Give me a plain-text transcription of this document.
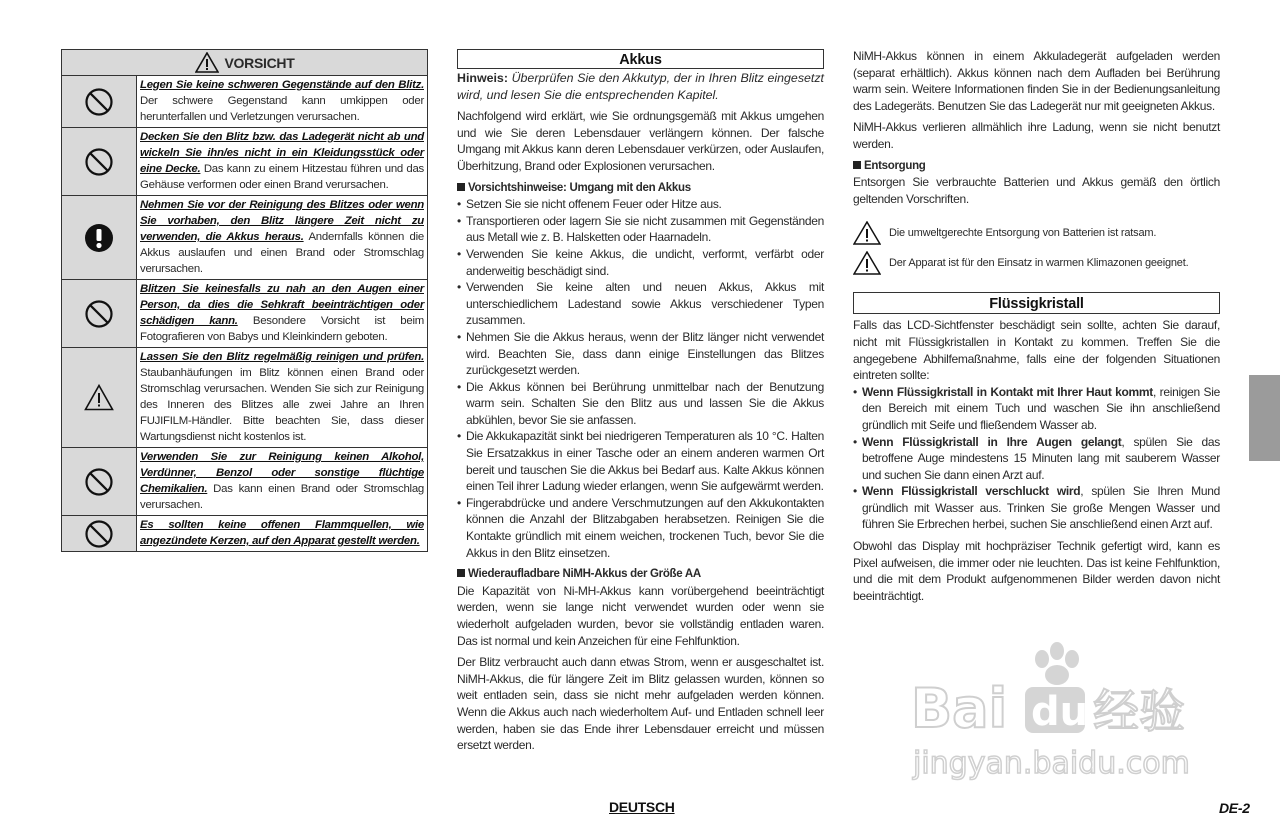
VORSICHT
Legen Sie keine schweren Gegenstände auf den Blitz. Der schwere Gegenstand kann umkippen oder herunterfallen und Verletzungen verursachen.
Decken Sie den Blitz bzw. das Ladegerät nicht ab und wickeln Sie ihn/es nicht in ein Kleidungsstück oder eine Decke. Das kann zu einem Hitzestau führen und das Gehäuse verformen oder einen Brand verursachen.
Nehmen Sie vor der Reinigung des Blitzes oder wenn Sie vorhaben, den Blitz längere Zeit nicht zu verwenden, die Akkus heraus. Andernfalls können die Akkus auslaufen und einen Brand oder Stromschlag verursachen.
Blitzen Sie keinesfalls zu nah an den Augen einer Person, da dies die Sehkraft beeinträchtigen oder schädigen kann. Besondere Vorsicht ist beim Fotografieren von Babys und Kleinkindern geboten.
Lassen Sie den Blitz regelmäßig reinigen und prüfen. Staubanhäufungen im Blitz können einen Brand oder Stromschlag verursachen. Wenden Sie sich zur Reinigung des Inneren des Blitzes alle zwei Jahre an Ihren FUJIFILM-Händler. Bitte beachten Sie, dass dieser Wartungsdienst nicht kostenlos ist.
Verwenden Sie zur Reinigung keinen Alkohol, Verdünner, Benzol oder sonstige flüchtige Chemikalien. Das kann einen Brand oder Stromschlag verursachen.
Es sollten keine offenen Flammquellen, wie angezündete Kerzen, auf den Apparat gestellt werden.
Akkus

Hinweis: Überprüfen Sie den Akkutyp, der in Ihren Blitz eingesetzt wird, und lesen Sie die entsprechenden Kapitel.

Nachfolgend wird erklärt, wie Sie ordnungsgemäß mit Akkus umgehen und wie Sie deren Lebensdauer verlängern können. Der falsche Umgang mit Akkus kann deren Lebensdauer verkürzen, oder Auslaufen, Überhitzung, Brand oder Explosionen verursachen.

Vorsichtshinweise: Umgang mit den Akkus

• Setzen Sie sie nicht offenem Feuer oder Hitze aus.
• Transportieren oder lagern Sie sie nicht zusammen mit Gegenständen aus Metall wie z. B. Halsketten oder Haarnadeln.
• Verwenden Sie keine Akkus, die undicht, verformt, verfärbt oder anderweitig beschädigt sind.
• Verwenden Sie keine alten und neuen Akkus, Akkus mit unterschiedlichem Ladestand sowie Akkus verschiedener Typen zusammen.
• Nehmen Sie die Akkus heraus, wenn der Blitz länger nicht verwendet wird. Beachten Sie, dass dann einige Einstellungen das Blitzes zurückgesetzt werden.
• Die Akkus können bei Berührung unmittelbar nach der Benutzung warm sein. Schalten Sie den Blitz aus und lassen Sie die Akkus abkühlen, bevor Sie sie anfassen.
• Die Akkukapazität sinkt bei niedrigeren Temperaturen als 10 °C. Halten Sie Ersatzakkus in einer Tasche oder an einem anderen warmen Ort bereit und tauschen Sie die Akkus bei Bedarf aus. Kalte Akkus können einen Teil ihrer Ladung wieder erlangen, wenn Sie aufgewärmt werden.
• Fingerabdrücke und andere Verschmutzungen auf den Akkukontakten können die Anzahl der Blitzabgaben herabsetzen. Reinigen Sie die Kontakte gründlich mit einem weichen, trockenen Tuch, bevor Sie die Akkus in den Blitz einsetzen.

Wiederaufladbare NiMH-Akkus der Größe AA

Die Kapazität von Ni-MH-Akkus kann vorübergehend beeinträchtigt werden, wenn sie lange nicht verwendet wurden oder wenn sie wiederholt aufgeladen wurden, bevor sie vollständig entladen waren. Das ist normal und kein Anzeichen für eine Fehlfunktion.

Der Blitz verbraucht auch dann etwas Strom, wenn er ausgeschaltet ist. NiMH-Akkus, die für längere Zeit im Blitz gelassen wurden, können so weit entladen sein, dass sie nicht mehr aufgeladen werden können. Wenn die Akkus auch nach wiederholtem Auf- und Entladen schnell leer werden, haben sie das Ende ihrer Lebensdauer erreicht und müssen ersetzt werden.

NiMH-Akkus können in einem Akkuladegerät aufgeladen werden (separat erhältlich). Akkus können nach dem Aufladen bei Berührung warm sein. Weitere Informationen finden Sie in der Bedienungsanleitung des Ladegeräts. Benutzen Sie das Ladegerät nur mit geeigneten Akkus.

NiMH-Akkus verlieren allmählich ihre Ladung, wenn sie nicht benutzt werden.

Entsorgung

Entsorgen Sie verbrauchte Batterien und Akkus gemäß den örtlich geltenden Vorschriften.

Die umweltgerechte Entsorgung von Batterien ist ratsam.
Der Apparat ist für den Einsatz in warmen Klimazonen geeignet.
Flüssigkristall

Falls das LCD-Sichtfenster beschädigt sein sollte, achten Sie darauf, nicht mit Flüssigkristallen in Kontakt zu kommen. Treffen Sie die angegebene Abhilfemaßnahme, falls eine der folgenden Situationen eintreten sollte:

• Wenn Flüssigkristall in Kontakt mit Ihrer Haut kommt, reinigen Sie den Bereich mit einem Tuch und waschen Sie ihn anschließend gründlich mit Seife und fließendem Wasser ab.
• Wenn Flüssigkristall in Ihre Augen gelangt, spülen Sie das betroffene Auge mindestens 15 Minuten lang mit sauberem Wasser und suchen Sie dann einen Arzt auf.
• Wenn Flüssigkristall verschluckt wird, spülen Sie Ihren Mund gründlich mit Wasser aus. Trinken Sie große Mengen Wasser und führen Sie Erbrechen herbei, suchen Sie anschließend einen Arzt auf.

Obwohl das Display mit hochpräziser Technik gefertigt wird, kann es Pixel aufweisen, die immer oder nie leuchten. Das ist keine Fehlfunktion, und die mit dem Produkt aufgenommenen Bilder werden davon nicht beeinträchtigt.

Bai du 经验
jingyan.baidu.com
DEUTSCH	DE-2
